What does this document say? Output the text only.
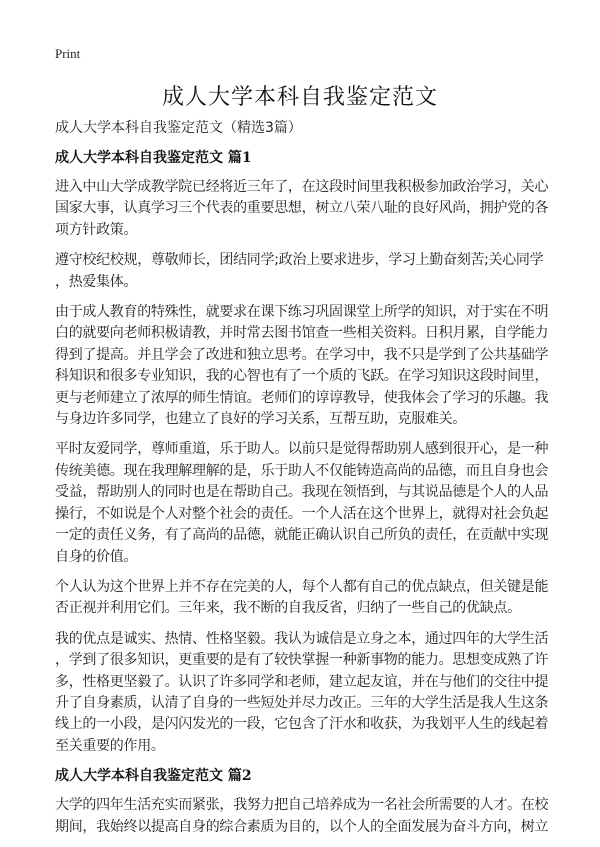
Print
成人大学本科自我鉴定范文
成人大学本科自我鉴定范文（精选3篇）
成人大学本科自我鉴定范文 篇1
进入中山大学成教学院已经将近三年了，在这段时间里我积极参加政治学习，关心
国家大事，认真学习三个代表的重要思想，树立八荣八耻的良好风尚，拥护党的各
项方针政策。
遵守校纪校规，尊敬师长，团结同学;政治上要求进步，学习上勤奋刻苦;关心同学
，热爱集体。
由于成人教育的特殊性，就要求在课下练习巩固课堂上所学的知识，对于实在不明
白的就要向老师积极请教，并时常去图书馆查一些相关资料。日积月累，自学能力
得到了提高。并且学会了改进和独立思考。在学习中，我不只是学到了公共基础学
科知识和很多专业知识，我的心智也有了一个质的飞跃。在学习知识这段时间里，
更与老师建立了浓厚的师生情谊。老师们的谆谆教导，使我体会了学习的乐趣。我
与身边许多同学，也建立了良好的学习关系，互帮互助，克服难关。
平时友爱同学，尊师重道，乐于助人。以前只是觉得帮助别人感到很开心，是一种
传统美德。现在我理解理解的是，乐于助人不仅能铸造高尚的品德，而且自身也会
受益，帮助别人的同时也是在帮助自己。我现在领悟到，与其说品德是个人的人品
操行，不如说是个人对整个社会的责任。一个人活在这个世界上，就得对社会负起
一定的责任义务，有了高尚的品德，就能正确认识自己所负的责任，在贡献中实现
自身的价值。
个人认为这个世界上并不存在完美的人，每个人都有自己的优点缺点，但关键是能
否正视并利用它们。三年来，我不断的自我反省，归纳了一些自己的优缺点。
我的优点是诚实、热情、性格坚毅。我认为诚信是立身之本，通过四年的大学生活
，学到了很多知识，更重要的是有了较快掌握一种新事物的能力。思想变成熟了许
多，性格更坚毅了。认识了许多同学和老师，建立起友谊，并在与他们的交往中提
升了自身素质，认清了自身的一些短处并尽力改正。三年的大学生活是我人生这条
线上的一小段，是闪闪发光的一段，它包含了汗水和收获，为我划平人生的线起着
至关重要的作用。
成人大学本科自我鉴定范文 篇2
大学的四年生活充实而紧张，我努力把自己培养成为一名社会所需要的人才。在校
期间，我始终以提高自身的综合素质为目的，以个人的全面发展为奋斗方向，树立
